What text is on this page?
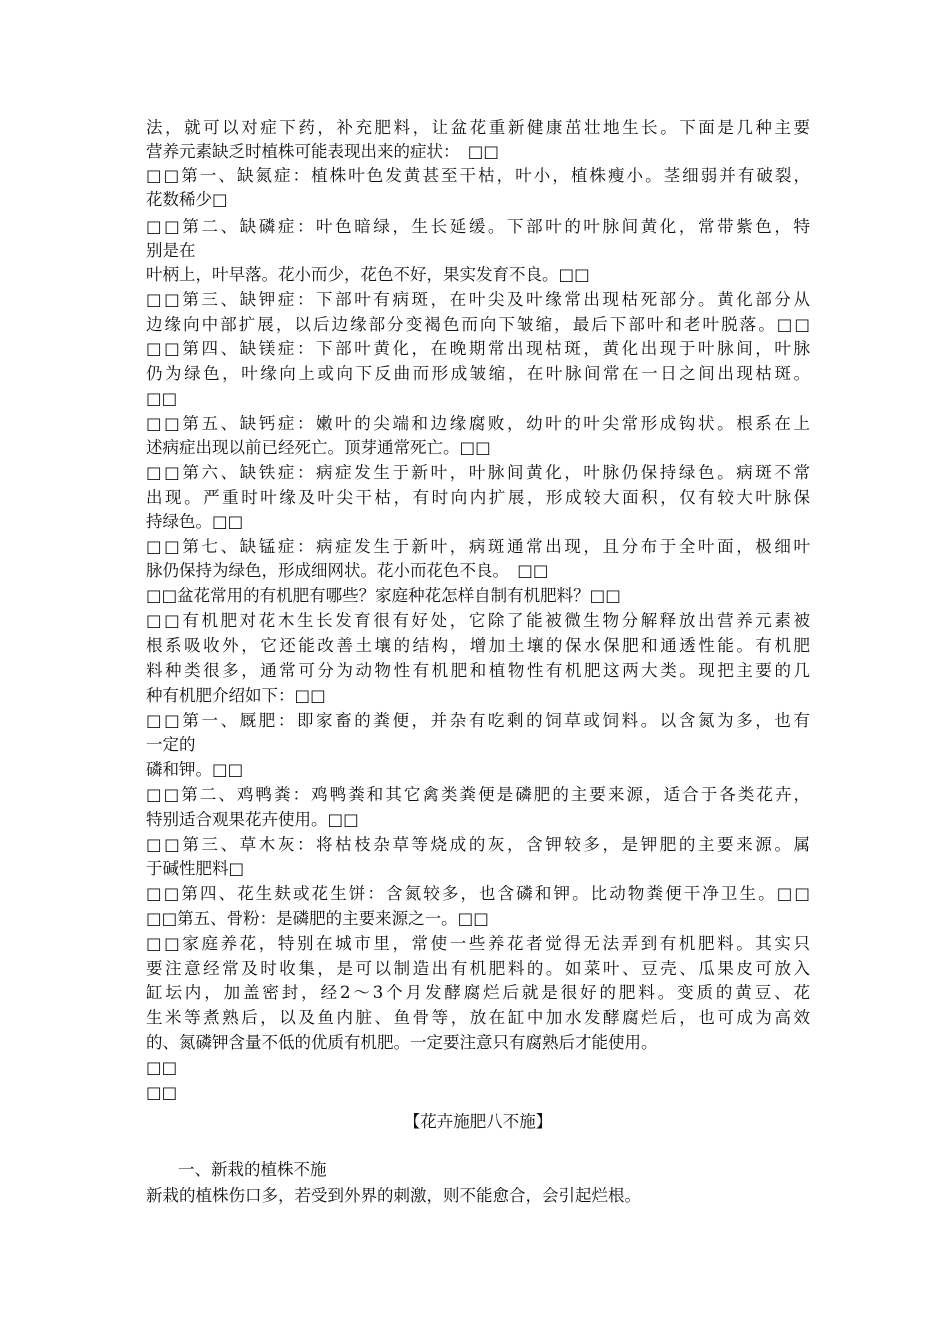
法，就可以对症下药，补充肥料，让盆花重新健康茁壮地生长。下面是几种主要
营养元素缺乏时植株可能表现出来的症状：　□□
□□第一、缺氮症：植株叶色发黄甚至干枯，叶小，植株瘦小。茎细弱并有破裂，
花数稀少□
□□第二、缺磷症：叶色暗绿，生长延缓。下部叶的叶脉间黄化，常带紫色，特
别是在
叶柄上，叶早落。花小而少，花色不好，果实发育不良。□□
□□第三、缺钾症：下部叶有病斑，在叶尖及叶缘常出现枯死部分。黄化部分从
边缘向中部扩展，以后边缘部分变褐色而向下皱缩，最后下部叶和老叶脱落。□□
□□第四、缺镁症：下部叶黄化，在晚期常出现枯斑，黄化出现于叶脉间，叶脉
仍为绿色，叶缘向上或向下反曲而形成皱缩，在叶脉间常在一日之间出现枯斑。
□□
□□第五、缺钙症：嫩叶的尖端和边缘腐败，幼叶的叶尖常形成钩状。根系在上
述病症出现以前已经死亡。顶芽通常死亡。□□
□□第六、缺铁症：病症发生于新叶，叶脉间黄化，叶脉仍保持绿色。病斑不常
出现。严重时叶缘及叶尖干枯，有时向内扩展，形成较大面积，仅有较大叶脉保
持绿色。□□
□□第七、缺锰症：病症发生于新叶，病斑通常出现，且分布于全叶面，极细叶
脉仍保持为绿色，形成细网状。花小而花色不良。　□□
□□盆花常用的有机肥有哪些？家庭种花怎样自制有机肥料？□□
□□有机肥对花木生长发育很有好处，它除了能被微生物分解释放出营养元素被
根系吸收外，它还能改善土壤的结构，增加土壤的保水保肥和通透性能。有机肥
料种类很多，通常可分为动物性有机肥和植物性有机肥这两大类。现把主要的几
种有机肥介绍如下：□□
□□第一、厩肥：即家畜的粪便，并杂有吃剩的饲草或饲料。以含氮为多，也有
一定的
磷和钾。□□
□□第二、鸡鸭粪：鸡鸭粪和其它禽类粪便是磷肥的主要来源，适合于各类花卉，
特别适合观果花卉使用。□□
□□第三、草木灰：将枯枝杂草等烧成的灰，含钾较多，是钾肥的主要来源。属
于碱性肥料□
□□第四、花生麸或花生饼：含氮较多，也含磷和钾。比动物粪便干净卫生。□□
□□第五、骨粉：是磷肥的主要来源之一。□□
□□家庭养花，特别在城市里，常使一些养花者觉得无法弄到有机肥料。其实只
要注意经常及时收集，是可以制造出有机肥料的。如菜叶、豆壳、瓜果皮可放入
缸坛内，加盖密封，经2～3个月发酵腐烂后就是很好的肥料。变质的黄豆、花
生米等煮熟后，以及鱼内脏、鱼骨等，放在缸中加水发酵腐烂后，也可成为高效
的、氮磷钾含量不低的优质有机肥。一定要注意只有腐熟后才能使用。
□□
□□
【花卉施肥八不施】
一、新栽的植株不施
新栽的植株伤口多，若受到外界的刺激，则不能愈合，会引起烂根。
